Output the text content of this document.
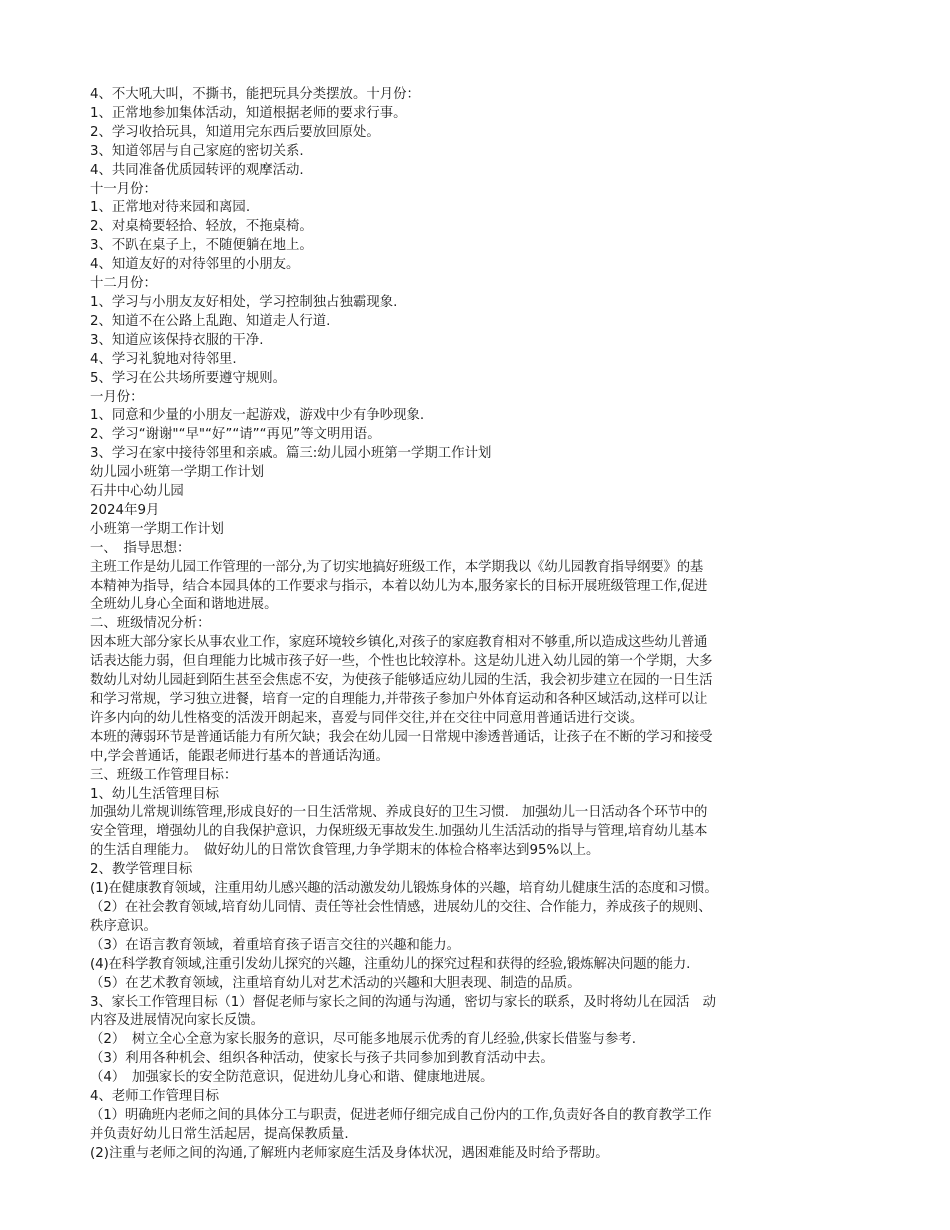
4、不大吼大叫，不撕书，能把玩具分类摆放。十月份：
1、正常地参加集体活动，知道根据老师的要求行事。
2、学习收拾玩具，知道用完东西后要放回原处。
3、知道邻居与自己家庭的密切关系.
4、共同准备优质园转评的观摩活动.
十一月份：
1、正常地对待来园和离园.
2、对桌椅要轻拾、轻放，不拖桌椅。
3、不趴在桌子上，不随便躺在地上。
4、知道友好的对待邻里的小朋友。
十二月份：
1、学习与小朋友友好相处，学习控制独占独霸现象.
2、知道不在公路上乱跑、知道走人行道.
3、知道应该保持衣服的干净.
4、学习礼貌地对待邻里.
5、学习在公共场所要遵守规则。
一月份：
1、同意和少量的小朋友一起游戏，游戏中少有争吵现象.
2、学习“谢谢"“早"“好”“请”“再见”等文明用语。
3、学习在家中接待邻里和亲戚。篇三:幼儿园小班第一学期工作计划
幼儿园小班第一学期工作计划
石井中心幼儿园
2024年9月
小班第一学期工作计划
一、　指导思想：
主班工作是幼儿园工作管理的一部分,为了切实地搞好班级工作，本学期我以《幼儿园教育指导纲要》的基
本精神为指导，结合本园具体的工作要求与指示，本着以幼儿为本,服务家长的目标开展班级管理工作,促进
全班幼儿身心全面和谐地进展。
二、班级情况分析：
因本班大部分家长从事农业工作，家庭环境较乡镇化,对孩子的家庭教育相对不够重,所以造成这些幼儿普通
话表达能力弱，但自理能力比城市孩子好一些，个性也比较淳朴。这是幼儿进入幼儿园的第一个学期，大多
数幼儿对幼儿园赶到陌生甚至会焦虑不安，为使孩子能够适应幼儿园的生活，我会初步建立在园的一日生活
和学习常规，学习独立进餐，培育一定的自理能力,并带孩子参加户外体育运动和各种区域活动,这样可以让
许多内向的幼儿性格变的活泼开朗起来，喜爱与同伴交往,并在交往中同意用普通话进行交谈。
本班的薄弱环节是普通话能力有所欠缺；我会在幼儿园一日常规中渗透普通话，让孩子在不断的学习和接受
中,学会普通话，能跟老师进行基本的普通话沟通。
三、班级工作管理目标：
1、幼儿生活管理目标
加强幼儿常规训练管理,形成良好的一日生活常规、养成良好的卫生习惯.　加强幼儿一日活动各个环节中的
安全管理，增强幼儿的自我保护意识，力保班级无事故发生.加强幼儿生活活动的指导与管理,培育幼儿基本
的生活自理能力。　做好幼儿的日常饮食管理,力争学期末的体检合格率达到95%以上。
2、教学管理目标
(1)在健康教育领域，注重用幼儿感兴趣的活动激发幼儿锻炼身体的兴趣，培育幼儿健康生活的态度和习惯。
（2）在社会教育领域,培育幼儿同情、责任等社会性情感，进展幼儿的交往、合作能力，养成孩子的规则、
秩序意识。
（3）在语言教育领域，着重培育孩子语言交往的兴趣和能力。
(4)在科学教育领域,注重引发幼儿探究的兴趣，注重幼儿的探究过程和获得的经验,锻炼解决问题的能力.
（5）在艺术教育领域，注重培育幼儿对艺术活动的兴趣和大胆表现、制造的品质。
3、家长工作管理目标（1）督促老师与家长之间的沟通与沟通，密切与家长的联系，及时将幼儿在园活　动
内容及进展情况向家长反馈。
（2）　树立全心全意为家长服务的意识，尽可能多地展示优秀的育儿经验,供家长借鉴与参考.
（3）利用各种机会、组织各种活动，使家长与孩子共同参加到教育活动中去。
（4）　加强家长的安全防范意识，促进幼儿身心和谐、健康地进展。
4、老师工作管理目标
（1）明确班内老师之间的具体分工与职责，促进老师仔细完成自己份内的工作,负责好各自的教育教学工作
并负责好幼儿日常生活起居，提高保教质量.
(2)注重与老师之间的沟通,了解班内老师家庭生活及身体状况，遇困难能及时给予帮助。
